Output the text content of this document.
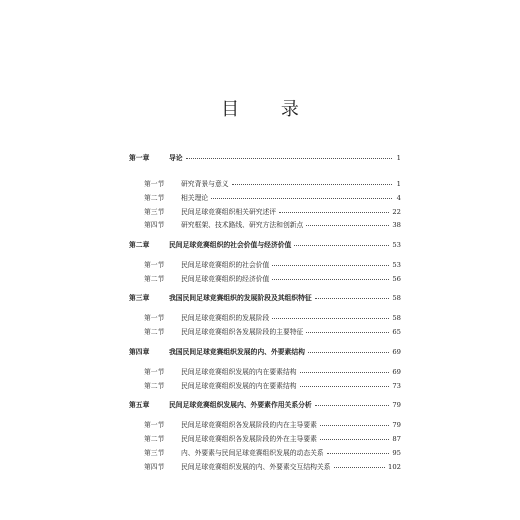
目 录
第一章	导论	1
第一节	研究背景与意义	1
第二节	相关理论	4
第三节	民间足球竞赛组织相关研究述评	22
第四节	研究框架、技术路线、研究方法和创新点	38
第二章	民间足球竞赛组织的社会价值与经济价值	53
第一节	民间足球竞赛组织的社会价值	53
第二节	民间足球竞赛组织的经济价值	56
第三章	我国民间足球竞赛组织的发展阶段及其组织特征	58
第一节	民间足球竞赛组织的发展阶段	58
第二节	民间足球竞赛组织各发展阶段的主要特征	65
第四章	我国民间足球竞赛组织发展的内、外要素结构	69
第一节	民间足球竞赛组织发展的内在要素结构	69
第二节	民间足球竞赛组织发展的内在要素结构	73
第五章	民间足球竞赛组织发展内、外要素作用关系分析	79
第一节	民间足球竞赛组织各发展阶段的内在主导要素	79
第二节	民间足球竞赛组织各发展阶段的外在主导要素	87
第三节	内、外要素与民间足球竞赛组织发展的动态关系	95
第四节	民间足球竞赛组织发展的内、外要素交互结构关系	102
